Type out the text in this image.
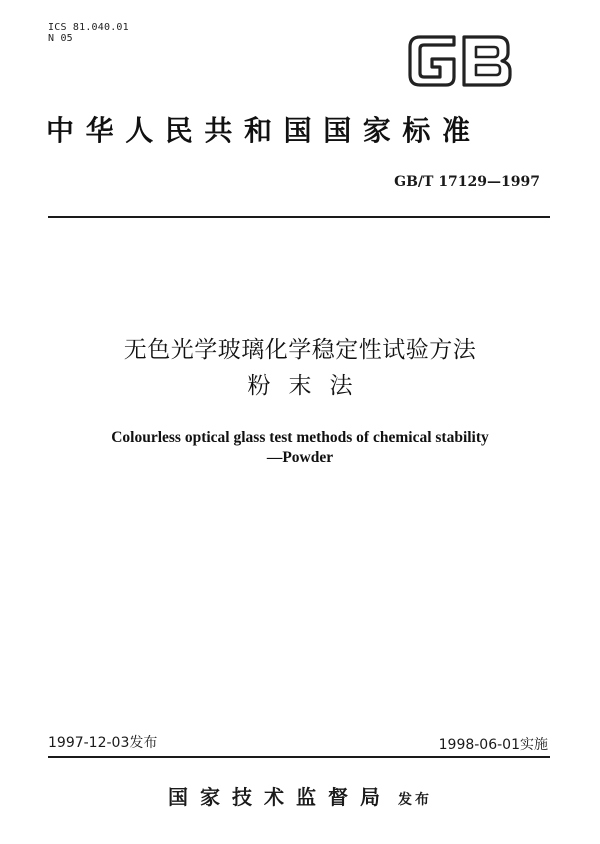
ICS 81.040.01
N 05
中华人民共和国国家标准
GB/T 17129—1997
无色光学玻璃化学稳定性试验方法
粉末法
Colourless optical glass test methods of chemical stability
—Powder
1997-12-03发布	1998-06-01实施
国家技术监督局 发布
